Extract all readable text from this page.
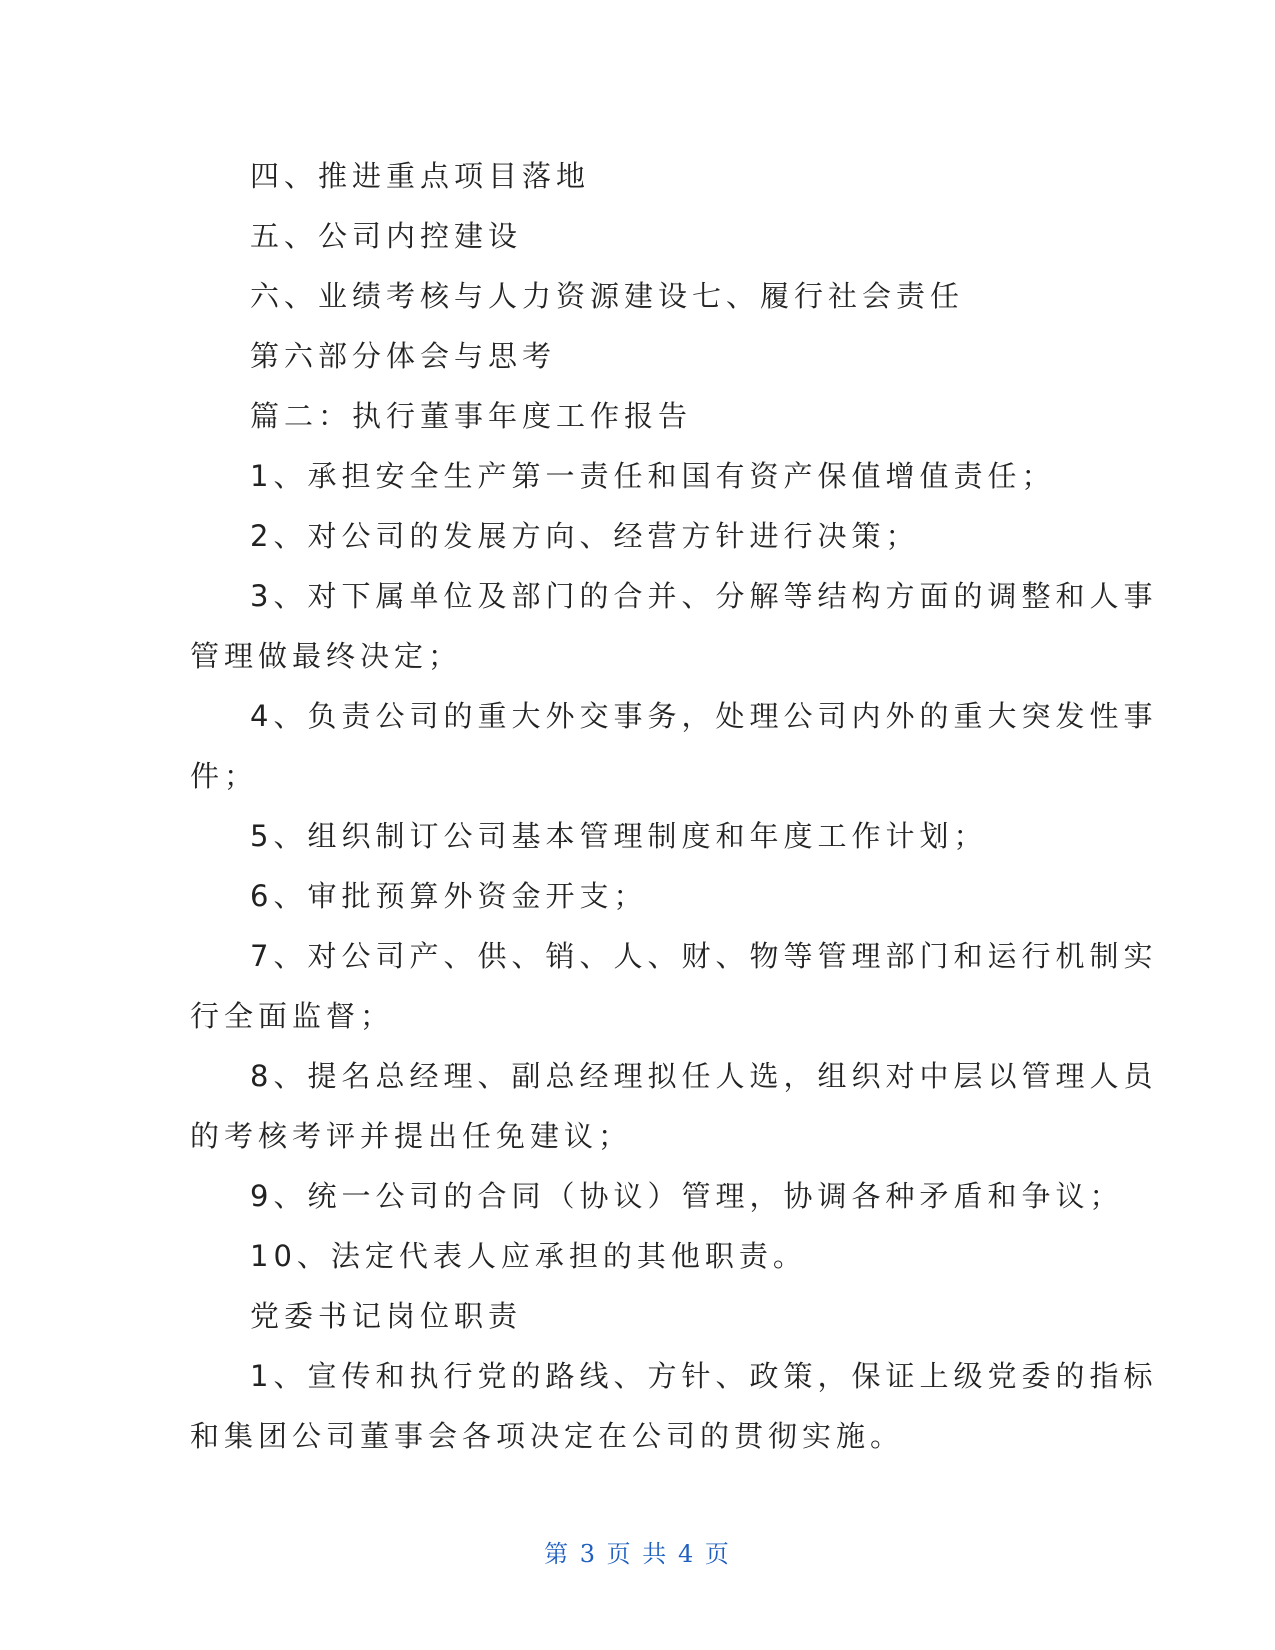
四、推进重点项目落地
五、公司内控建设
六、业绩考核与人力资源建设七、履行社会责任
第六部分体会与思考
篇二：执行董事年度工作报告
1、承担安全生产第一责任和国有资产保值增值责任；
2、对公司的发展方向、经营方针进行决策；
3、对下属单位及部门的合并、分解等结构方面的调整和人事
管理做最终决定；
4、负责公司的重大外交事务，处理公司内外的重大突发性事
件；
5、组织制订公司基本管理制度和年度工作计划；
6、审批预算外资金开支；
7、对公司产、供、销、人、财、物等管理部门和运行机制实
行全面监督；
8、提名总经理、副总经理拟任人选，组织对中层以管理人员
的考核考评并提出任免建议；
9、统一公司的合同（协议）管理，协调各种矛盾和争议；
10、法定代表人应承担的其他职责。
党委书记岗位职责
1、宣传和执行党的路线、方针、政策，保证上级党委的指标
和集团公司董事会各项决定在公司的贯彻实施。
第 3 页 共 4 页
